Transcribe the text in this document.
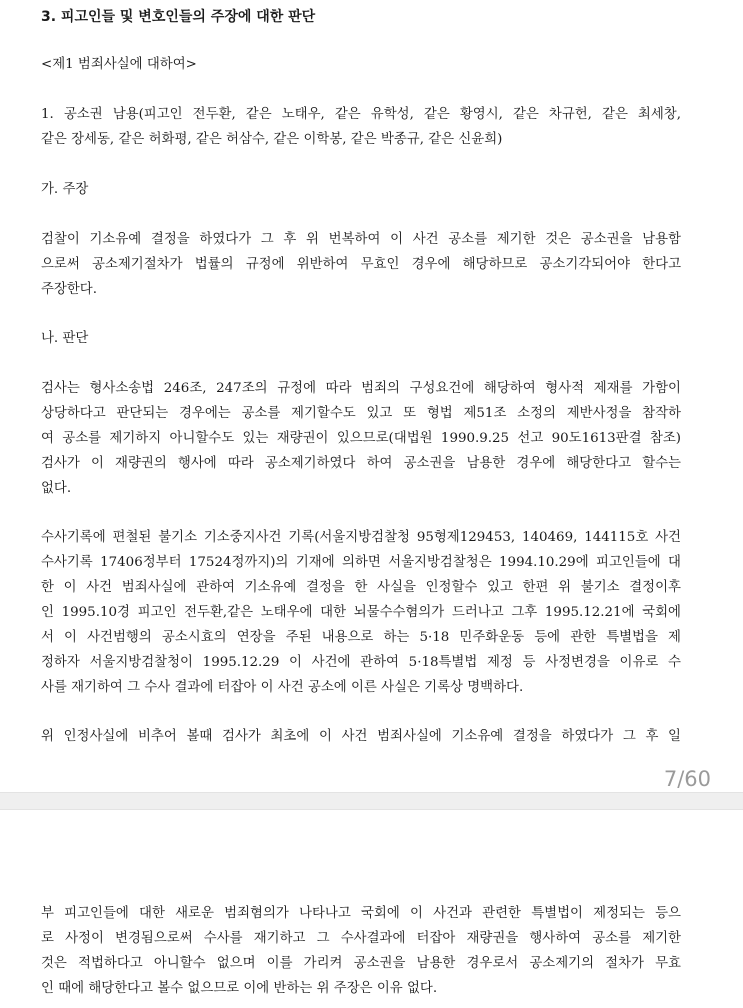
3. 피고인들 및 변호인들의 주장에 대한 판단
<제1 범죄사실에 대하여>
1. 공소권 남용(피고인 전두환, 같은 노태우, 같은 유학성, 같은 황영시, 같은 차규헌, 같은 최세창,
같은 장세동, 같은 허화평, 같은 허삼수, 같은 이학봉, 같은 박종규, 같은 신윤희)
가. 주장
검찰이 기소유예 결정을 하였다가 그 후 위 번복하여 이 사건 공소를 제기한 것은 공소권을 남용함
으로써 공소제기절차가 법률의 규정에 위반하여 무효인 경우에 해당하므로 공소기각되어야 한다고
주장한다.
나. 판단
검사는 형사소송법 246조, 247조의 규정에 따라 범죄의 구성요건에 해당하여 형사적 제재를 가함이
상당하다고 판단되는 경우에는 공소를 제기할수도 있고 또 형법 제51조 소정의 제반사정을 참작하
여 공소를 제기하지 아니할수도 있는 재량권이 있으므로(대법원 1990.9.25 선고 90도1613판결 참조)
검사가 이 재량권의 행사에 따라 공소제기하였다 하여 공소권을 남용한 경우에 해당한다고 할수는
없다.
수사기록에 편철된 불기소 기소중지사건 기록(서울지방검찰청 95형제129453, 140469, 144115호 사건
수사기록 17406정부터 17524정까지)의 기재에 의하면 서울지방검찰청은 1994.10.29에 피고인들에 대
한 이 사건 범죄사실에 관하여 기소유예 결정을 한 사실을 인정할수 있고 한편 위 불기소 결정이후
인 1995.10경 피고인 전두환,같은 노태우에 대한 뇌물수수혐의가 드러나고 그후 1995.12.21에 국회에
서 이 사건범행의 공소시효의 연장을 주된 내용으로 하는 5·18 민주화운동 등에 관한 특별법을 제
정하자 서울지방검찰청이 1995.12.29 이 사건에 관하여 5·18특별법 제정 등 사정변경을 이유로 수
사를 재기하여 그 수사 결과에 터잡아 이 사건 공소에 이른 사실은 기록상 명백하다.
위 인정사실에 비추어 볼때 검사가 최초에 이 사건 범죄사실에 기소유예 결정을 하였다가 그 후 일
7/60
부 피고인들에 대한 새로운 범죄혐의가 나타나고 국회에 이 사건과 관련한 특별법이 제정되는 등으
로 사정이 변경됨으로써 수사를 재기하고 그 수사결과에 터잡아 재량권을 행사하여 공소를 제기한
것은 적법하다고 아니할수 없으며 이를 가리켜 공소권을 남용한 경우로서 공소제기의 절차가 무효
인 때에 해당한다고 볼수 없으므로 이에 반하는 위 주장은 이유 없다.
